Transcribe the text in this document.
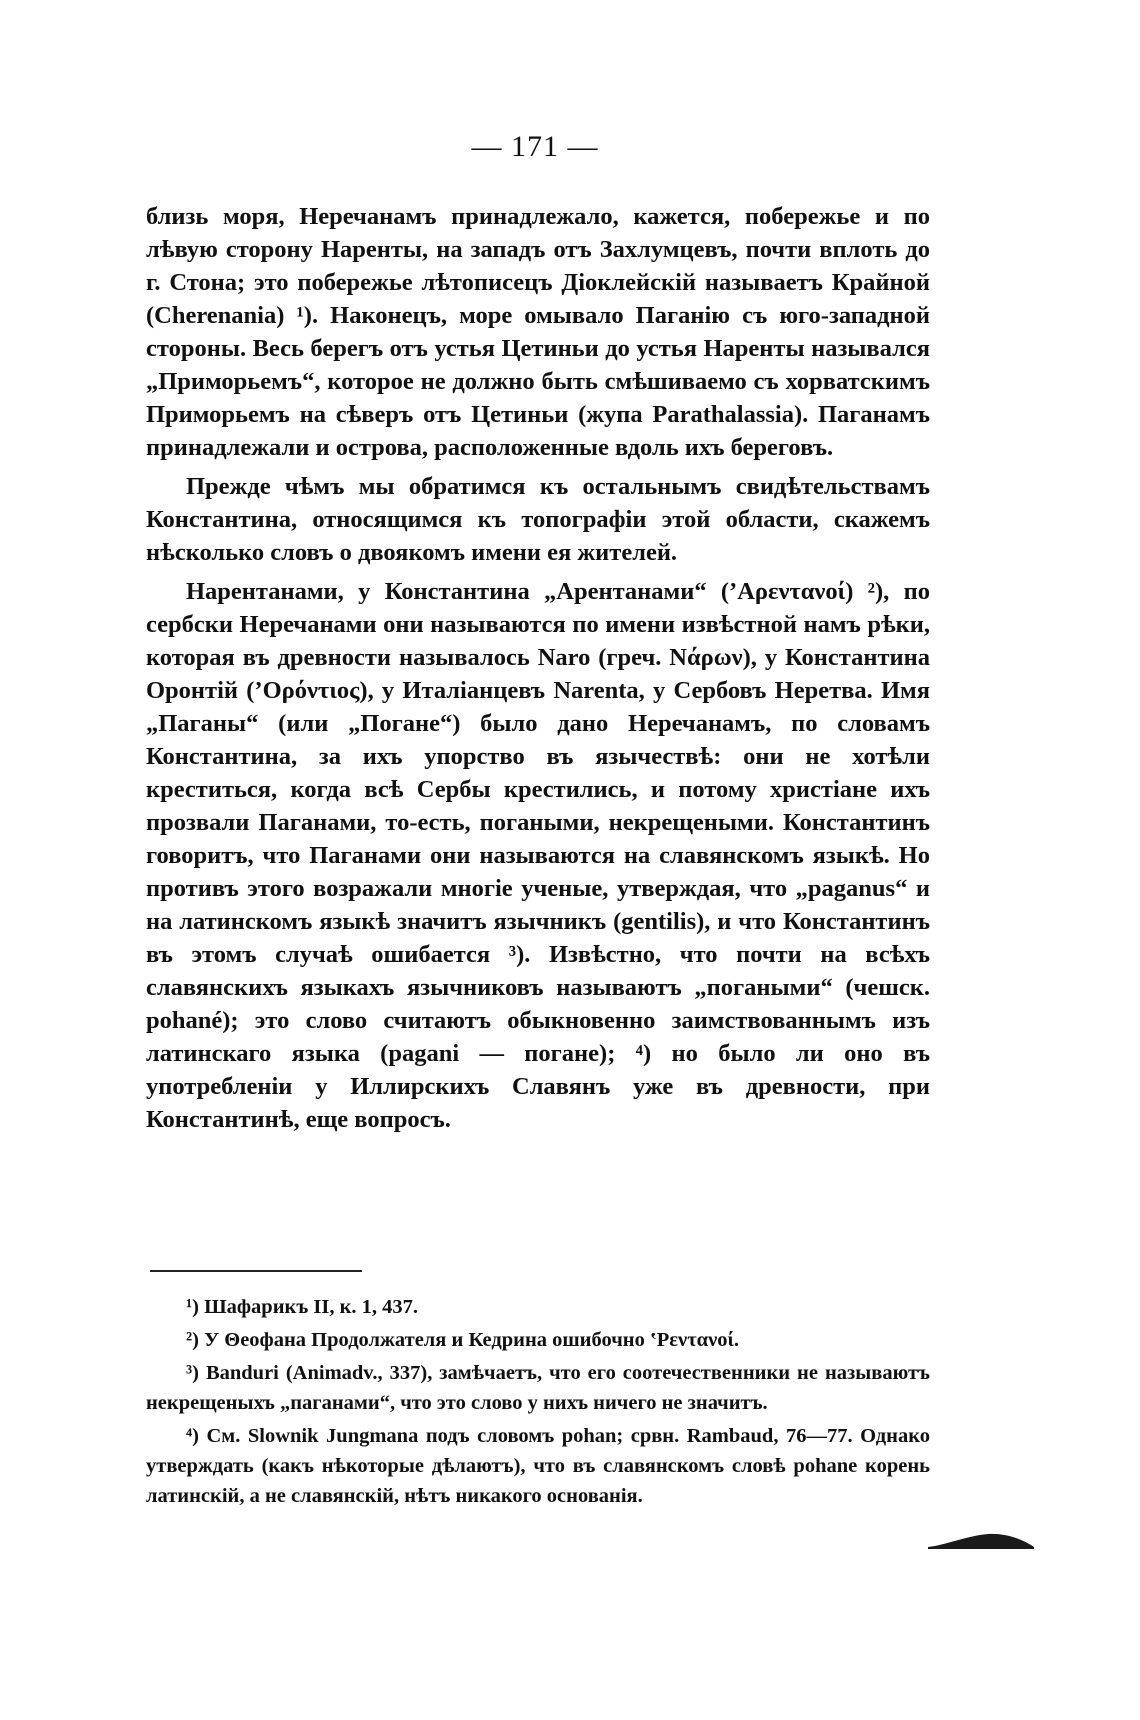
— 171 —

близь моря, Неречанамъ принадлежало, кажется, побережье и по лѣвую сторону Наренты, на западъ отъ Захлумцевъ, почти вплоть до г. Стона; это побережье лѣтописецъ Діоклейскій называетъ Крайной (Cherenania) ¹). Наконецъ, море омывало Паганію съ юго-западной стороны. Весь берегъ отъ устья Цетиньи до устья Наренты назывался „Приморьемъ“, которое не должно быть смѣшиваемо съ хорватскимъ Приморьемъ на сѣверъ отъ Цетиньи (жупа Parathalassia). Паганамъ принадлежали и острова, расположенные вдоль ихъ береговъ.

Прежде чѣмъ мы обратимся къ остальнымъ свидѣтельствамъ Константина, относящимся къ топографіи этой области, скажемъ нѣсколько словъ о двоякомъ имени ея жителей.

Нарентанами, у Константина „Арентанами“ (’Αρεντανοί) ²), по сербски Неречанами они называются по имени извѣстной намъ рѣки, которая въ древности называлось Naro (греч. Νάρων), у Константина Оронтій (’Ορόντιος), у Италіанцевъ Narenta, у Сербовъ Неретва. Имя „Паганы“ (или „Погане“) было дано Неречанамъ, по словамъ Константина, за ихъ упорство въ язычествѣ: они не хотѣли креститься, когда всѣ Сербы крестились, и потому христіане ихъ прозвали Паганами, то-есть, погаными, некрещеными. Константинъ говоритъ, что Паганами они называются на славянскомъ языкѣ. Но противъ этого возражали многіе ученые, утверждая, что „paganus“ и на латинскомъ языкѣ значитъ язычникъ (gentilis), и что Константинъ въ этомъ случаѣ ошибается ³). Извѣстно, что почти на всѣхъ славянскихъ языкахъ язычниковъ называютъ „погаными“ (чешск. pohané); это слово считаютъ обыкновенно заимствованнымъ изъ латинскаго языка (pagani — погане); ⁴) но было ли оно въ употребленіи у Иллирскихъ Славянъ уже въ древности, при Константинѣ, еще вопросъ.

¹) Шафарикъ II, к. 1, 437.

²) У Θеофана Продолжателя и Кедрина ошибочно ‛Ρεντανοί.

³) Banduri (Animadv., 337), замѣчаетъ, что его соотечественники не называютъ некрещеныхъ „паганами“, что это слово у нихъ ничего не значитъ.

⁴) См. Slownik Jungmana подъ словомъ pohan; срвн. Rambaud, 76—77. Однако утверждать (какъ нѣкоторые дѣлаютъ), что въ славянскомъ словѣ pohane корень латинскій, а не славянскій, нѣтъ никакого основанія.
